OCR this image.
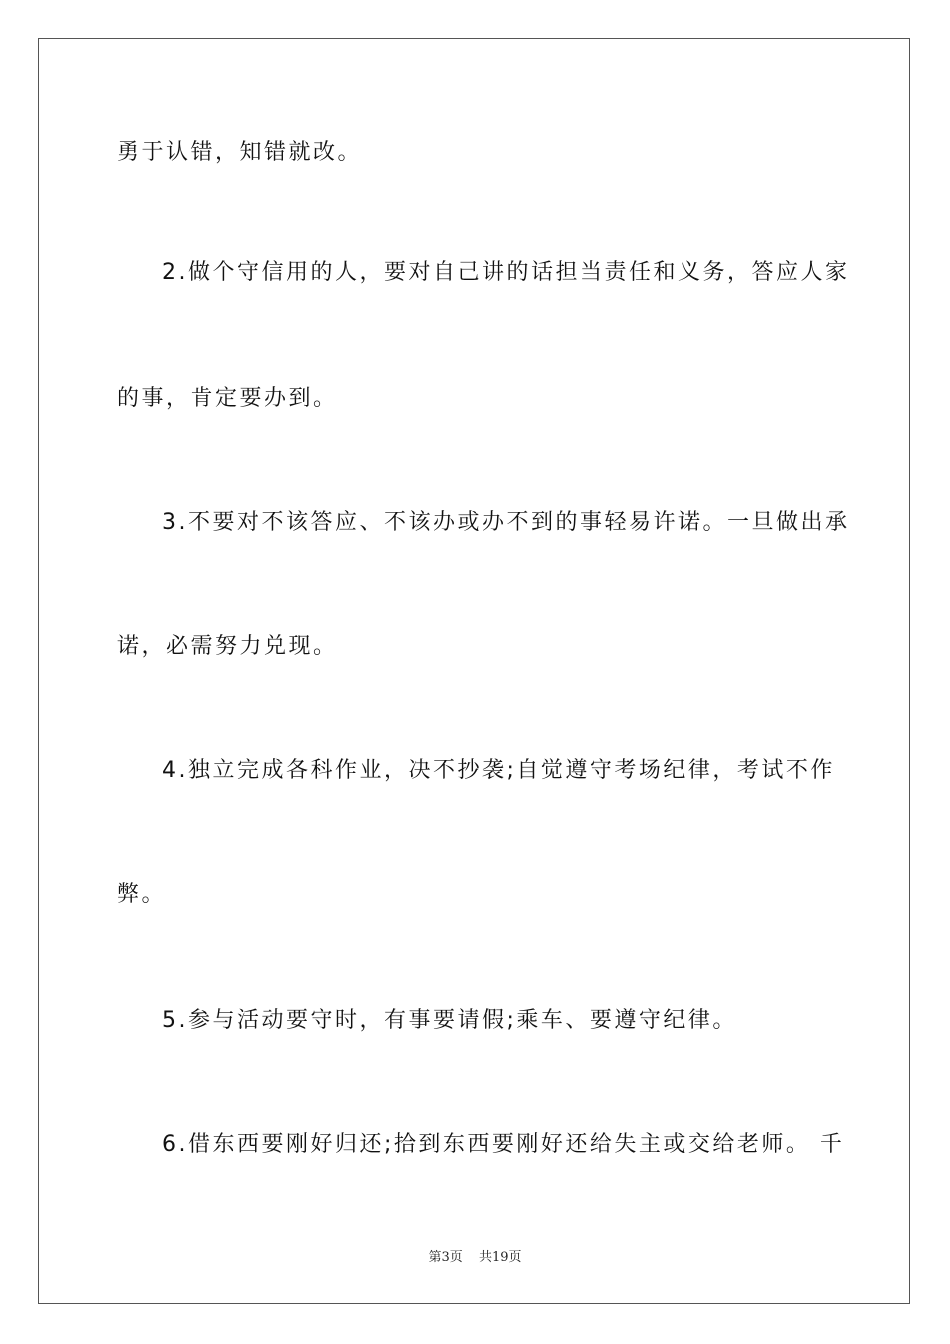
勇于认错，知错就改。
2.做个守信用的人，要对自己讲的话担当责任和义务，答应人家
的事，肯定要办到。
3.不要对不该答应、不该办或办不到的事轻易许诺。一旦做出承
诺，必需努力兑现。
4.独立完成各科作业，决不抄袭;自觉遵守考场纪律，考试不作
弊。
5.参与活动要守时，有事要请假;乘车、要遵守纪律。
6.借东西要刚好归还;拾到东西要刚好还给失主或交给老师。 千
第3页 共19页
